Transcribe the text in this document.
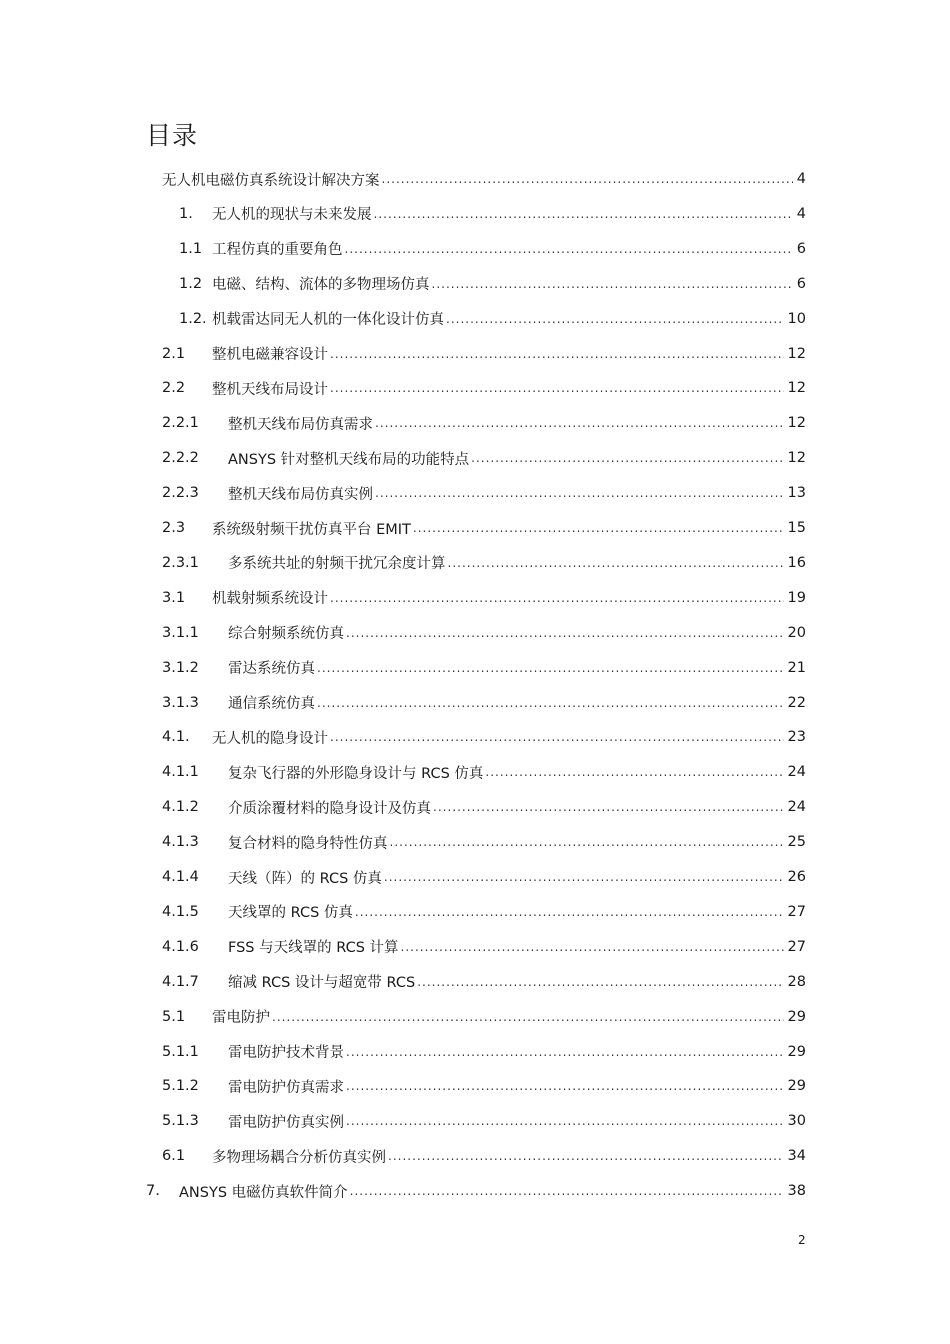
目录
无人机电磁仿真系统设计解决方案 .....	4
1.	无人机的现状与未来发展 .....	4
1.1 工程仿真的重要角色 .....	6
1.2 电磁、结构、流体的多物理场仿真 .....	6
1.2. 机载雷达同无人机的一体化设计仿真 .....	10
2.1	整机电磁兼容设计 .....	12
2.2	整机天线布局设计 .....	12
2.2.1	整机天线布局仿真需求 .....	12
2.2.2	ANSYS 针对整机天线布局的功能特点 .....	12
2.2.3	整机天线布局仿真实例 .....	13
2.3	系统级射频干扰仿真平台 EMIT .....	15
2.3.1	多系统共址的射频干扰冗余度计算 .....	16
3.1	机载射频系统设计 .....	19
3.1.1	综合射频系统仿真 .....	20
3.1.2	雷达系统仿真 .....	21
3.1.3	通信系统仿真 .....	22
4.1.	无人机的隐身设计 .....	23
4.1.1	复杂飞行器的外形隐身设计与 RCS 仿真 .....	24
4.1.2	介质涂覆材料的隐身设计及仿真 .....	24
4.1.3	复合材料的隐身特性仿真 .....	25
4.1.4	天线（阵）的 RCS 仿真 .....	26
4.1.5	天线罩的 RCS 仿真 .....	27
4.1.6	FSS 与天线罩的 RCS 计算 .....	27
4.1.7	缩减 RCS 设计与超宽带 RCS .....	28
5.1	雷电防护 .....	29
5.1.1	雷电防护技术背景 .....	29
5.1.2	雷电防护仿真需求 .....	29
5.1.3	雷电防护仿真实例 .....	30
6.1	多物理场耦合分析仿真实例 .....	34
7.	ANSYS 电磁仿真软件简介 .....	38
2
